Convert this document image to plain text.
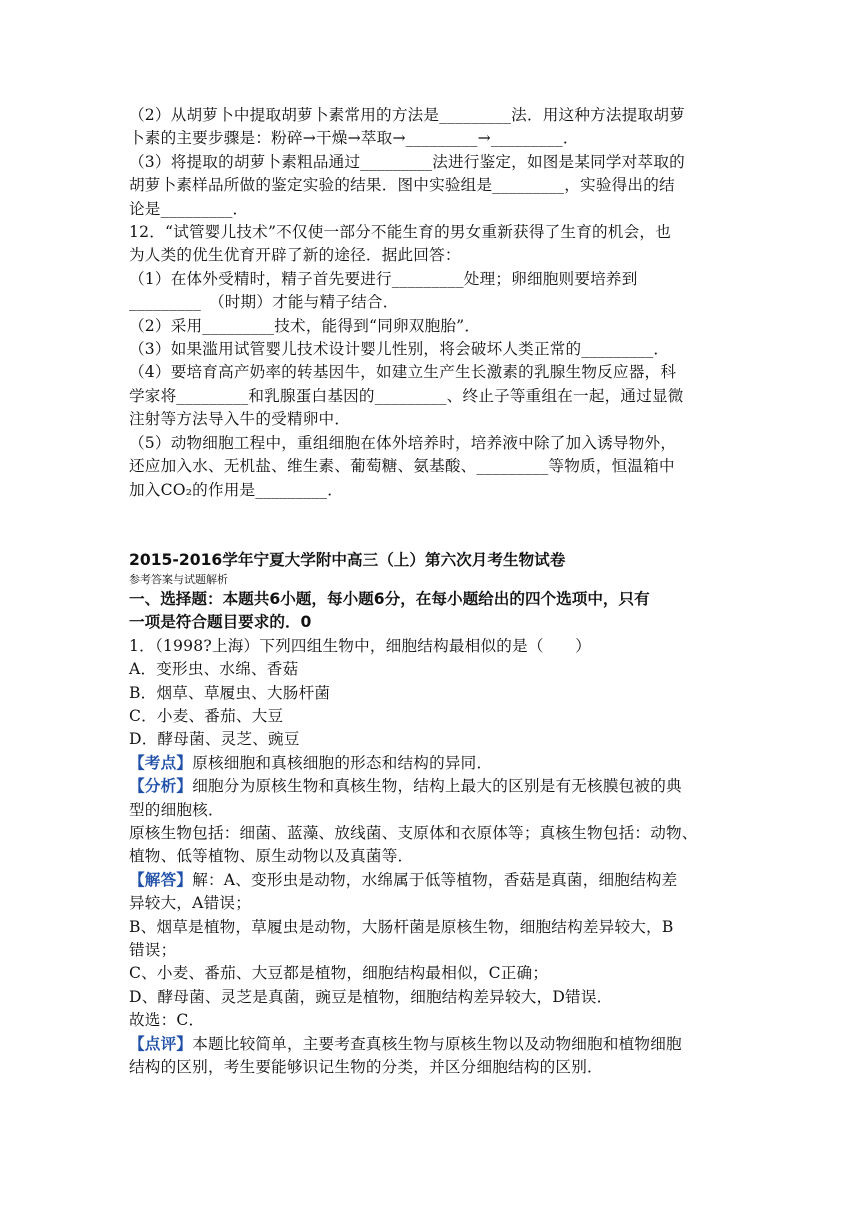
（2）从胡萝卜中提取胡萝卜素常用的方法是_________法．用这种方法提取胡萝
卜素的主要步骤是：粉碎→干燥→萃取→_________→_________．
（3）将提取的胡萝卜素粗品通过_________法进行鉴定，如图是某同学对萃取的
胡萝卜素样品所做的鉴定实验的结果．图中实验组是_________，实验得出的结
论是_________．
12．“试管婴儿技术”不仅使一部分不能生育的男女重新获得了生育的机会，也
为人类的优生优育开辟了新的途径．据此回答：
（1）在体外受精时，精子首先要进行_________处理；卵细胞则要培养到
_________　（时期）才能与精子结合．
（2）采用_________技术，能得到“同卵双胞胎”．
（3）如果滥用试管婴儿技术设计婴儿性别，将会破坏人类正常的_________．
（4）要培育高产奶率的转基因牛，如建立生产生长激素的乳腺生物反应器，科
学家将_________和乳腺蛋白基因的_________、终止子等重组在一起，通过显微
注射等方法导入牛的受精卵中．
（5）动物细胞工程中，重组细胞在体外培养时，培养液中除了加入诱导物外，
还应加入水、无机盐、维生素、葡萄糖、氨基酸、_________等物质，恒温箱中
加入CO₂的作用是_________．
2015-2016学年宁夏大学附中高三（上）第六次月考生物试卷
参考答案与试题解析
一、选择题：本题共6小题，每小题6分，在每小题给出的四个选项中，只有
一项是符合题目要求的．0
1．（1998?上海）下列四组生物中，细胞结构最相似的是（　　）
A．变形虫、水绵、香菇
B．烟草、草履虫、大肠杆菌
C．小麦、番茄、大豆
D．酵母菌、灵芝、豌豆
【考点】原核细胞和真核细胞的形态和结构的异同．
【分析】细胞分为原核生物和真核生物，结构上最大的区别是有无核膜包被的典
型的细胞核．
原核生物包括：细菌、蓝藻、放线菌、支原体和衣原体等；真核生物包括：动物、
植物、低等植物、原生动物以及真菌等．
【解答】解：A、变形虫是动物，水绵属于低等植物，香菇是真菌，细胞结构差
异较大，A错误；
B、烟草是植物，草履虫是动物，大肠杆菌是原核生物，细胞结构差异较大，B
错误；
C、小麦、番茄、大豆都是植物，细胞结构最相似，C正确；
D、酵母菌、灵芝是真菌，豌豆是植物，细胞结构差异较大，D错误．
故选：C．
【点评】本题比较简单，主要考查真核生物与原核生物以及动物细胞和植物细胞
结构的区别，考生要能够识记生物的分类，并区分细胞结构的区别．
